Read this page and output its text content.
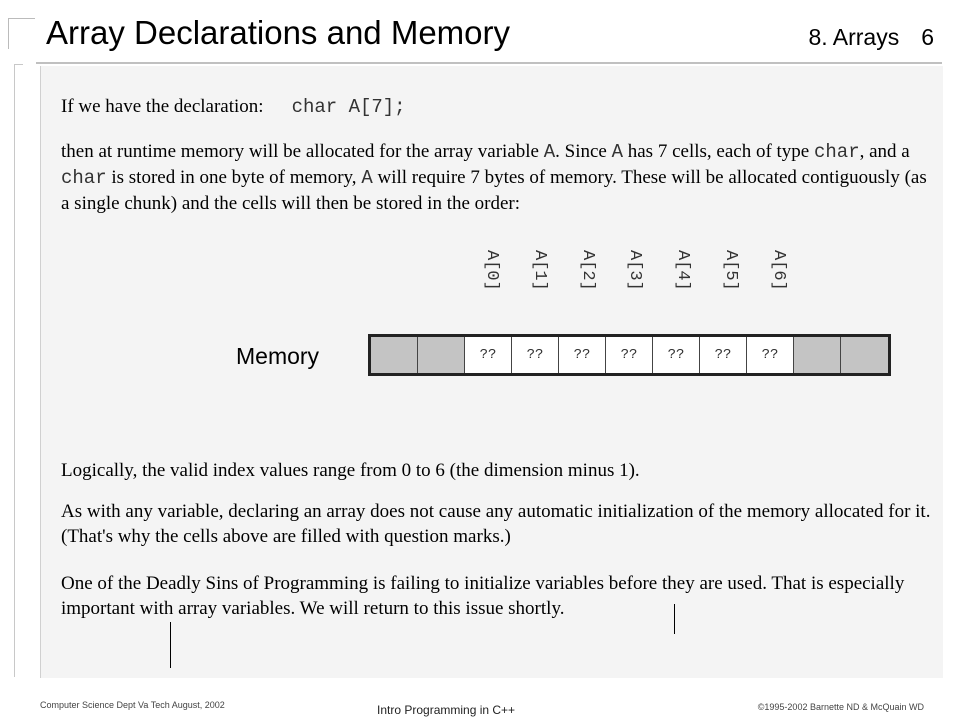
Array Declarations and Memory	8. Arrays 6
If we have the declaration: char A[7];
then at runtime memory will be allocated for the array variable A. Since A has 7 cells, each of type char, and a char is stored in one byte of memory, A will require 7 bytes of memory. These will be allocated contiguously (as a single chunk) and the cells will then be stored in the order:
A[0] A[1] A[2] A[3] A[4] A[5] A[6]
Memory	??	??	??	??	??	??	??
Logically, the valid index values range from 0 to 6 (the dimension minus 1).
As with any variable, declaring an array does not cause any automatic initialization of the memory allocated for it. (That's why the cells above are filled with question marks.)
One of the Deadly Sins of Programming is failing to initialize variables before they are used. That is especially important with array variables. We will return to this issue shortly.
Computer Science Dept Va Tech August, 2002	Intro Programming in C++	©1995-2002 Barnette ND & McQuain WD
